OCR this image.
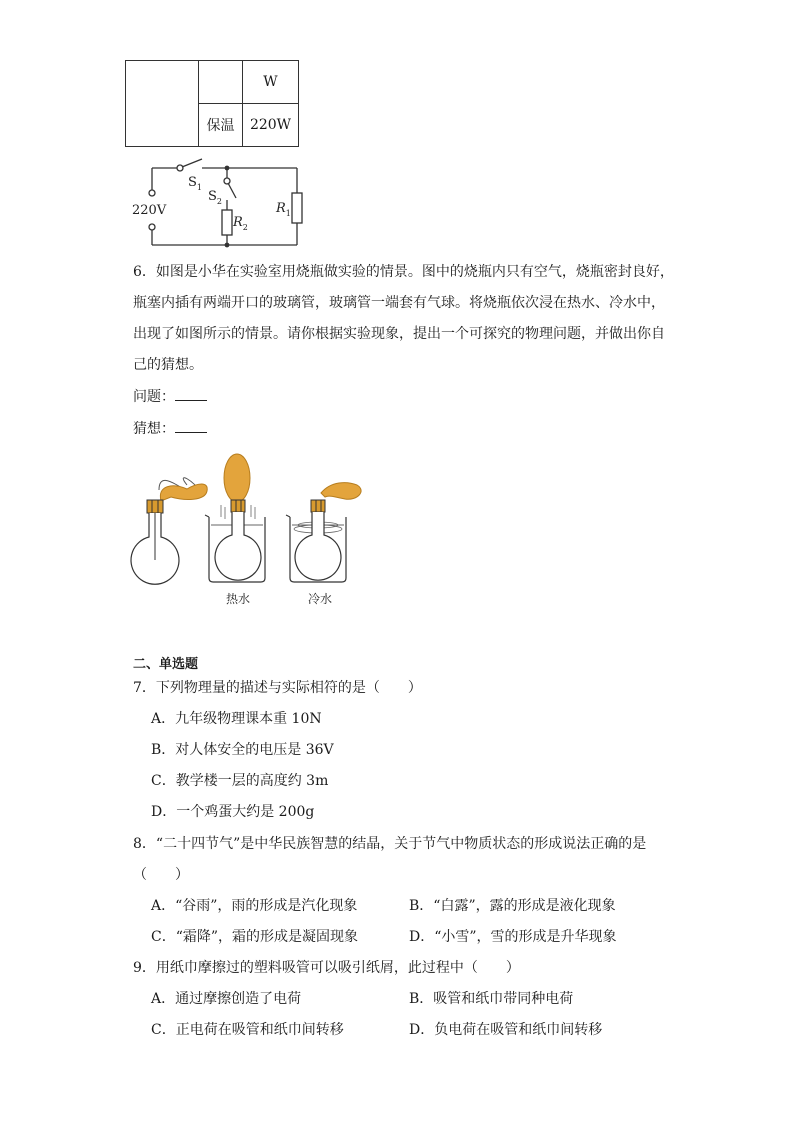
		W
	保温	220W
220V
$S_1$
$S_2$	$R_1$
$R_2$
6．如图是小华在实验室用烧瓶做实验的情景。图中的烧瓶内只有空气，烧瓶密封良好，
瓶塞内插有两端开口的玻璃管，玻璃管一端套有气球。将烧瓶依次浸在热水、冷水中，
出现了如图所示的情景。请你根据实验现象，提出一个可探究的物理问题，并做出你自
己的猜想。
问题：
猜想：
热水	冷水
二、单选题
7．下列物理量的描述与实际相符的是（　　）
A．九年级物理课本重 10N
B．对人体安全的电压是 36V
C．教学楼一层的高度约 3m
D．一个鸡蛋大约是 200g
8．“二十四节气”是中华民族智慧的结晶，关于节气中物质状态的形成说法正确的是
（　　）
A．“谷雨”，雨的形成是汽化现象	B．“白露”，露的形成是液化现象
C．“霜降”，霜的形成是凝固现象	D．“小雪”，雪的形成是升华现象
9．用纸巾摩擦过的塑料吸管可以吸引纸屑，此过程中（　　）
A．通过摩擦创造了电荷	B．吸管和纸巾带同种电荷
C．正电荷在吸管和纸巾间转移	D．负电荷在吸管和纸巾间转移
